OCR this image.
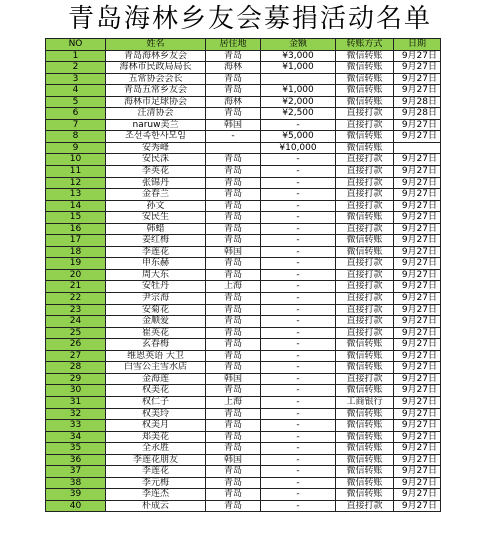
青岛海林乡友会募捐活动名单
NO	姓名	居住地	金额	转账方式	日期
1	青岛海林乡友会	青岛	¥3,000	微信转账	9月27日
2	海林市民政局局长	海林	¥1,000	微信转账	9月27日
3	五常协会会长	青岛		微信转账	9月27日
4	青岛五常乡友会	青岛	¥1,000	微信转账	9月27日
5	海林市足球协会	海林	¥2,000	微信转账	9月28日
6	汪清协会	青岛	¥2,500	直接打款	9月28日
7	naruw美兰	韩国	-	直接打款	9月27日
8	조선족한사모임	-	¥5,000	微信转账	9月27日
9	安秀峰		¥10,000	微信转账	
10	安民洙	青岛	-	直接打款	9月27日
11	李英花	青岛	-	直接打款	9月27日
12	张锦丹	青岛	-	直接打款	9月27日
13	金春兰	青岛	-	直接打款	9月27日
14	孙文	青岛	-	直接打款	9月27日
15	安民生	青岛	-	微信转账	9月27日
16	韩蜡	青岛	-	直接打款	9月27日
17	姜红梅	青岛	-	微信转账	9月27日
18	李莲花	韩国	-	微信转账	9月27日
19	申东赫	青岛	-	直接打款	9月27日
20	周大东	青岛	-	直接打款	9月27日
21	安牡丹	上海	-	直接打款	9月27日
22	尹宗海	青岛	-	直接打款	9月27日
23	安菊花	青岛	-	直接打款	9月27日
24	金顺爱	青岛	-	直接打款	9月27日
25	崔英花	青岛	-	直接打款	9月27日
26	玄春梅	青岛	-	微信转账	9月27日
27	维恩英语 大卫	青岛	-	微信转账	9月27日
28	白雪公主雪水店	青岛	-	微信转账	9月27日
29	金海莲	韩国	-	直接打款	9月27日
30	权美花	青岛	-	微信转账	9月27日
31	权仁子	上海	-	工商银行	9月27日
32	权美玲	青岛	-	微信转账	9月27日
33	权美月	青岛	-	微信转账	9月27日
34	郑美花	青岛	-	微信转账	9月27日
35	全永胜	青岛	-	微信转账	9月27日
36	李莲花朋友	韩国	-	微信转账	9月27日
37	李莲花	青岛	-	微信转账	9月27日
38	李元梅	青岛	-	微信转账	9月27日
39	李连杰	青岛	-	微信转账	9月27日
40	朴成云	青岛	-	直接打款	9月27日
